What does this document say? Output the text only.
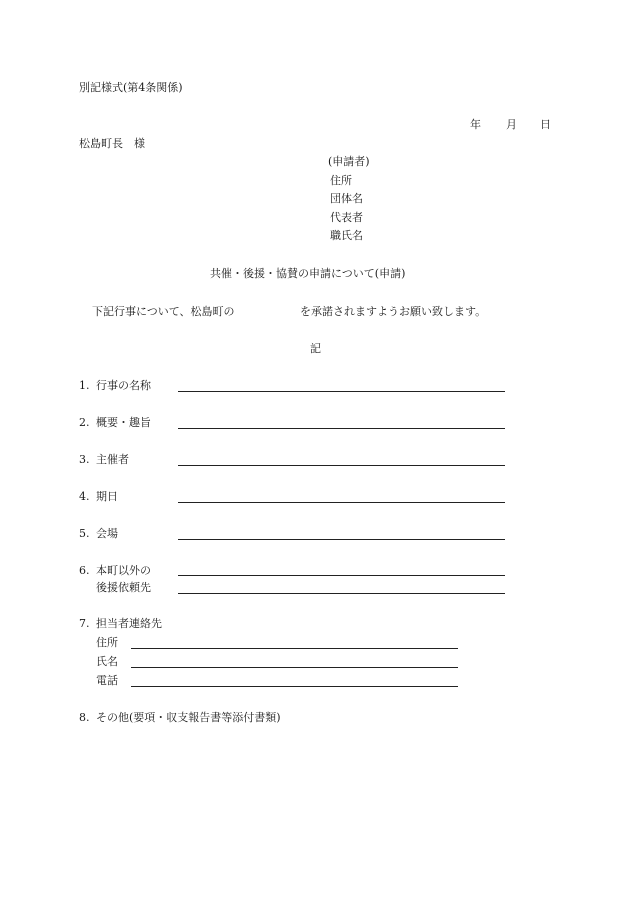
別記様式(第4条関係)
年 月 日
松島町長　様
(申請者)
住所
団体名
代表者
職氏名
共催・後援・協賛の申請について(申請)
下記行事について、松島町の	を承諾されますようお願い致します。
記
1. 行事の名称
2. 概要・趣旨
3. 主催者
4. 期日
5. 会場
6. 本町以外の
後援依頼先
7. 担当者連絡先
住所
氏名
電話
8. その他(要項・収支報告書等添付書類)
